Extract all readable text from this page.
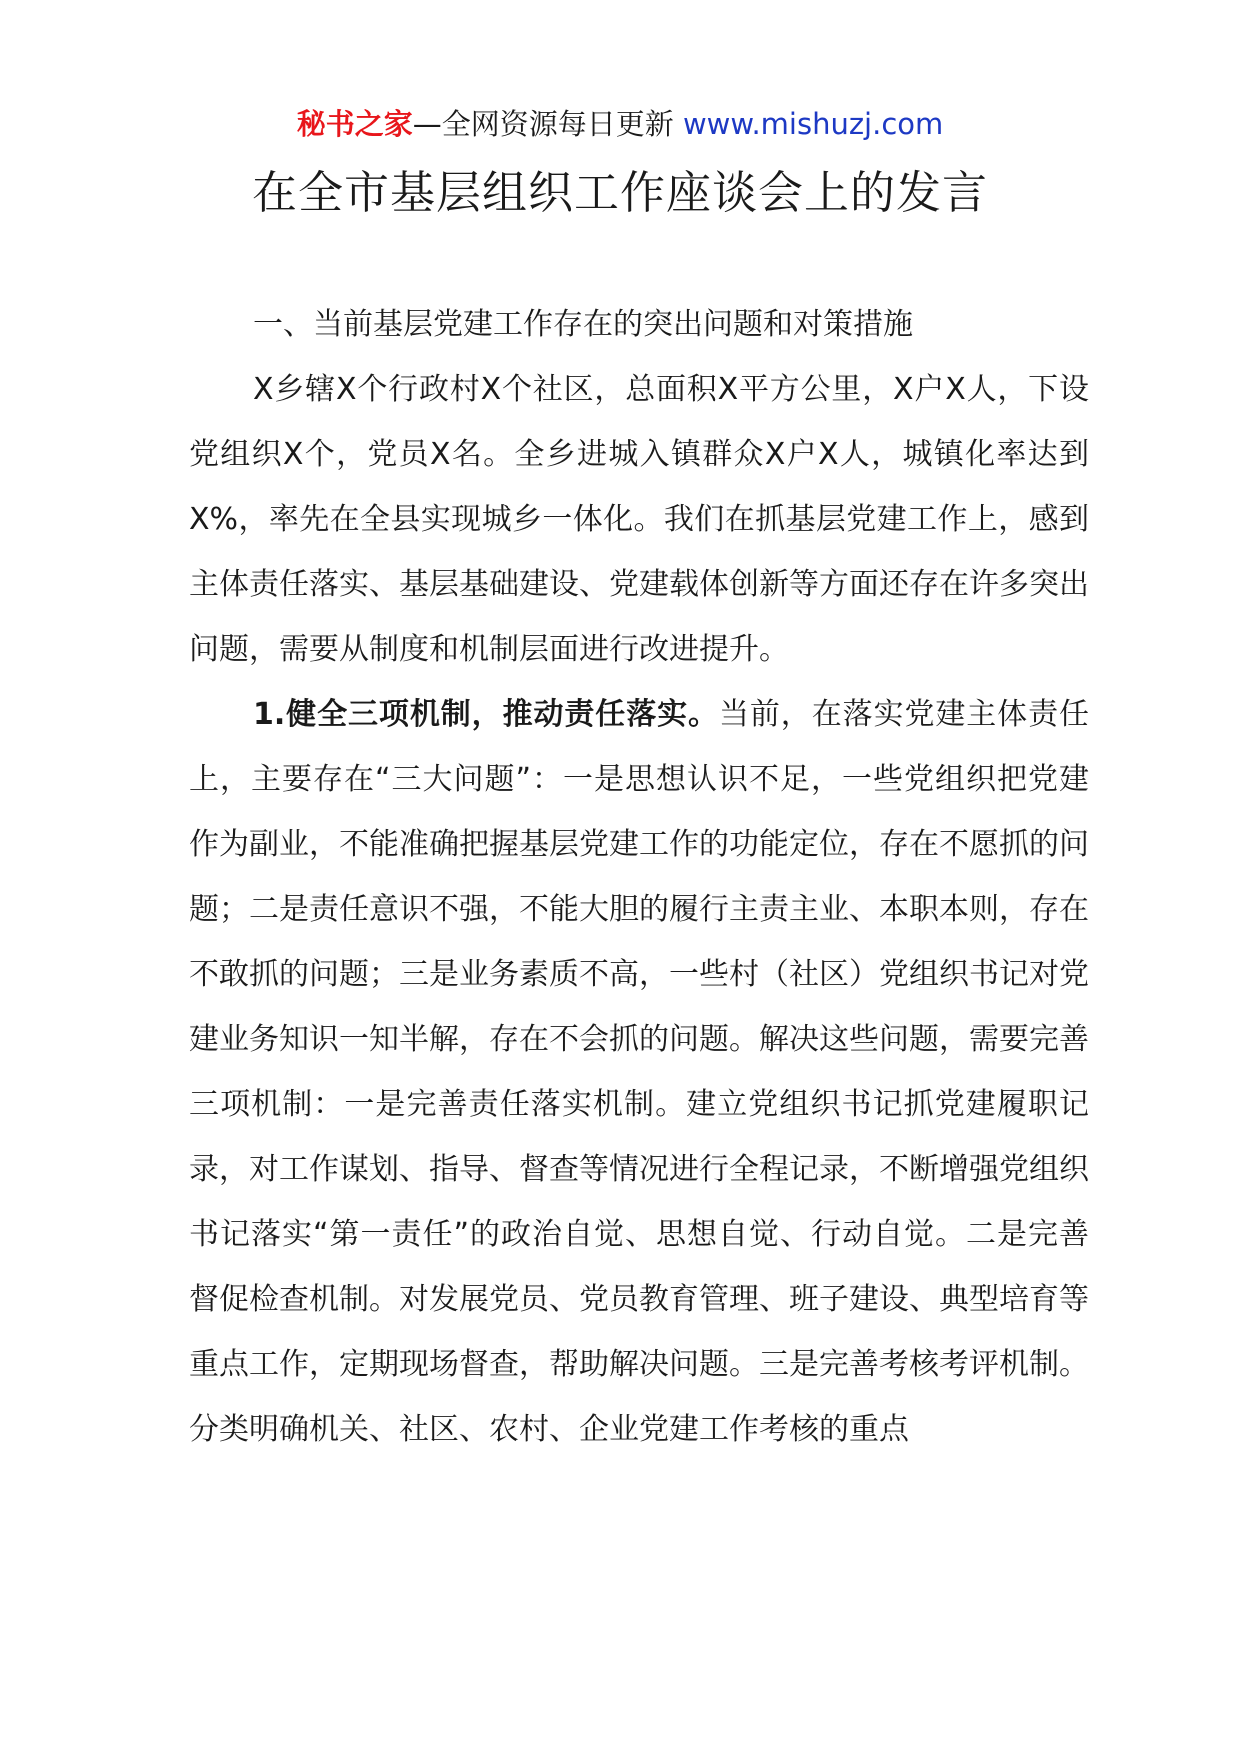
秘书之家—全网资源每日更新 www.mishuzj.com
在全市基层组织工作座谈会上的发言

一、当前基层党建工作存在的突出问题和对策措施

X乡辖X个行政村X个社区，总面积X平方公里，X户X人，下设党组织X个，党员X名。全乡进城入镇群众X户X人，城镇化率达到X%，率先在全县实现城乡一体化。我们在抓基层党建工作上，感到主体责任落实、基层基础建设、党建载体创新等方面还存在许多突出问题，需要从制度和机制层面进行改进提升。

1.健全三项机制，推动责任落实。当前，在落实党建主体责任上，主要存在“三大问题”：一是思想认识不足，一些党组织把党建作为副业，不能准确把握基层党建工作的功能定位，存在不愿抓的问题；二是责任意识不强，不能大胆的履行主责主业、本职本则，存在不敢抓的问题；三是业务素质不高，一些村（社区）党组织书记对党建业务知识一知半解，存在不会抓的问题。解决这些问题，需要完善三项机制：一是完善责任落实机制。建立党组织书记抓党建履职记录，对工作谋划、指导、督查等情况进行全程记录，不断增强党组织书记落实“第一责任”的政治自觉、思想自觉、行动自觉。二是完善督促检查机制。对发展党员、党员教育管理、班子建设、典型培育等重点工作，定期现场督查，帮助解决问题。三是完善考核考评机制。分类明确机关、社区、农村、企业党建工作考核的重点
